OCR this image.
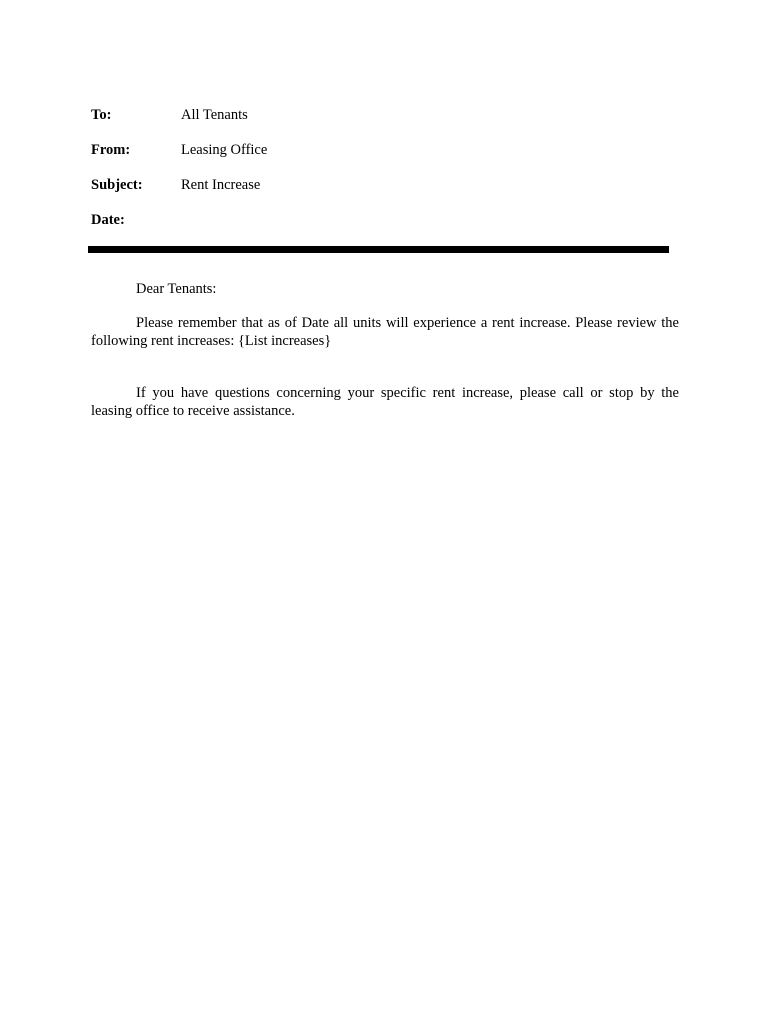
To:	All Tenants
From:	Leasing Office
Subject:	Rent Increase
Date:

Dear Tenants:

Please remember that as of Date all units will experience a rent increase. Please review the following rent increases: {List increases}

If you have questions concerning your specific rent increase, please call or stop by the leasing office to receive assistance.
